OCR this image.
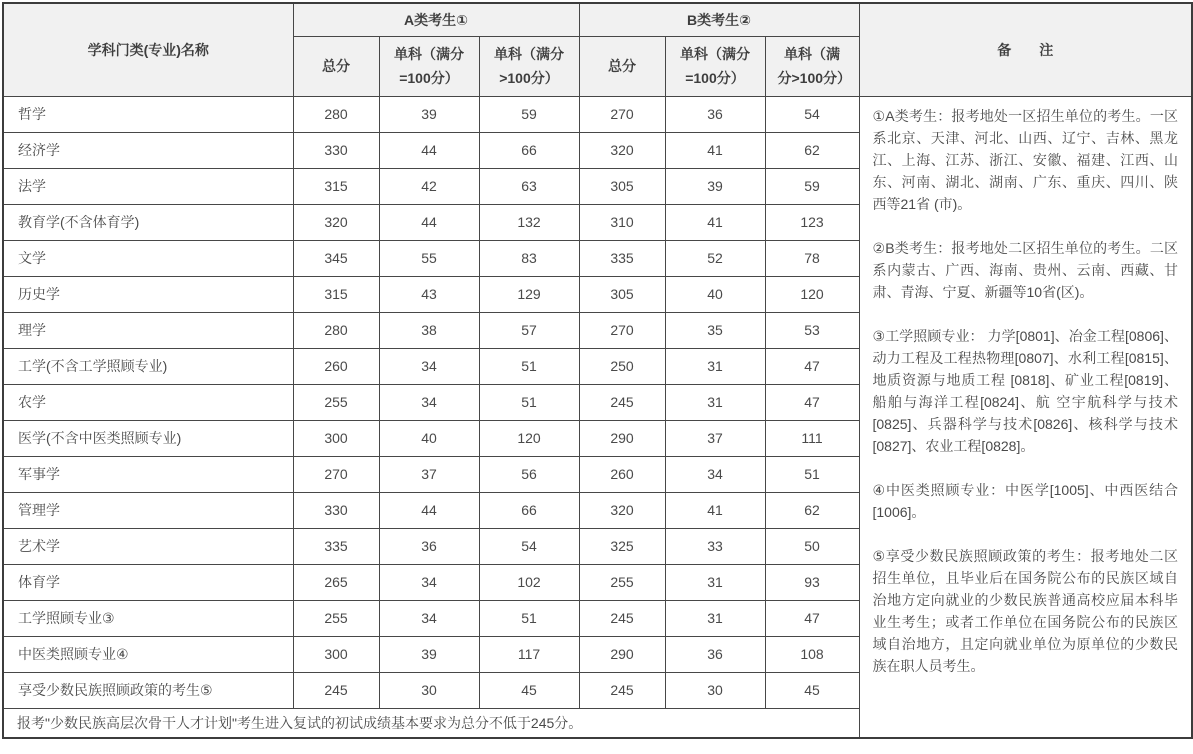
学科门类(专业)名称	A类考生①			B类考生②			备　　注
	总分	单科（满分=100分）	单科（满分>100分）	总分	单科（满分=100分）	单科（满分>100分）	
哲学	280	39	59	270	36	54	①A类考生：报考地处一区招生单位的考生。一区系北京、天津、河北、山西、辽宁、吉林、黑龙江、上海、江苏、浙江、安徽、福建、江西、山东、河南、湖北、湖南、广东、重庆、四川、陕西等21省 (市)。

②B类考生：报考地处二区招生单位的考生。二区系内蒙古、广西、海南、贵州、云南、西藏、甘肃、青海、宁夏、新疆等10省(区)。

③工学照顾专业： 力学[0801]、冶金工程[0806]、动力工程及工程热物理[0807]、水利工程[0815]、地质资源与地质工程 [0818]、矿业工程[0819]、船舶与海洋工程[0824]、航 空宇航科学与技术[0825]、兵器科学与技术[0826]、核科学与技术[0827]、农业工程[0828]。

④中医类照顾专业：中医学[1005]、中西医结合[1006]。

⑤享受少数民族照顾政策的考生：报考地处二区招生单位，且毕业后在国务院公布的民族区域自治地方定向就业的少数民族普通高校应届本科毕业生考生；或者工作单位在国务院公布的民族区域自治地方，且定向就业单位为原单位的少数民族在职人员考生。

经济学	330	44	66	320	41	62	
法学	315	42	63	305	39	59	
教育学(不含体育学)	320	44	132	310	41	123	
文学	345	55	83	335	52	78	
历史学	315	43	129	305	40	120	
理学	280	38	57	270	35	53	
工学(不含工学照顾专业)	260	34	51	250	31	47	
农学	255	34	51	245	31	47	
医学(不含中医类照顾专业)	300	40	120	290	37	111	
军事学	270	37	56	260	34	51	
管理学	330	44	66	320	41	62	
艺术学	335	36	54	325	33	50	
体育学	265	34	102	255	31	93	
工学照顾专业③	255	34	51	245	31	47	
中医类照顾专业④	300	39	117	290	36	108	
享受少数民族照顾政策的考生⑤	245	30	45	245	30	45	
报考"少数民族高层次骨干人才计划"考生进入复试的初试成绩基本要求为总分不低于245分。							
